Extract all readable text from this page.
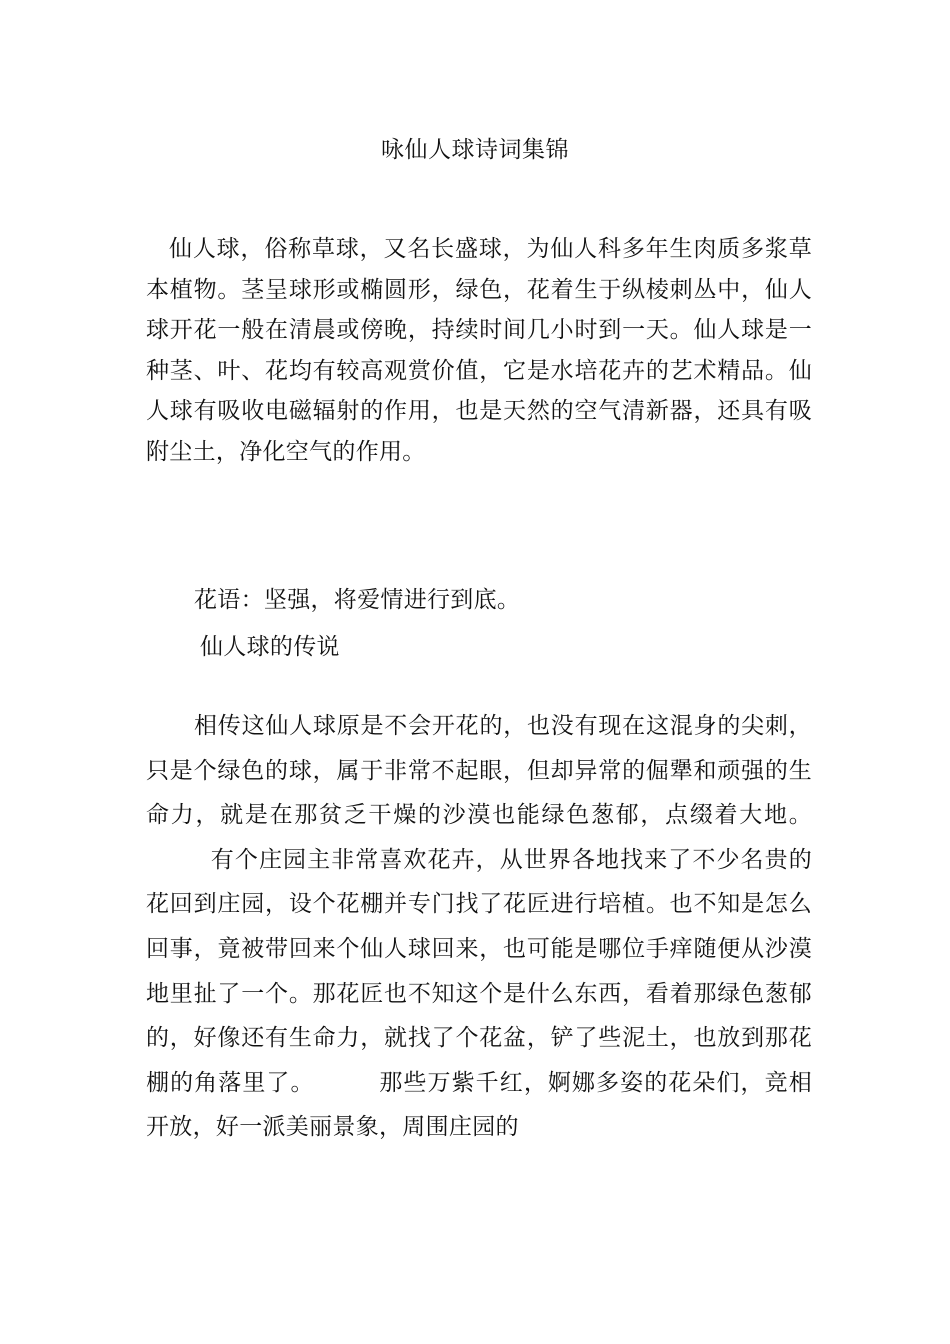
咏仙人球诗词集锦

仙人球，俗称草球，又名长盛球，为仙人科多年生肉质多浆草本植物。茎呈球形或椭圆形，绿色，花着生于纵棱刺丛中，仙人球开花一般在清晨或傍晚，持续时间几小时到一天。仙人球是一种茎、叶、花均有较高观赏价值，它是水培花卉的艺术精品。仙人球有吸收电磁辐射的作用，也是天然的空气清新器，还具有吸附尘土，净化空气的作用。

花语：坚强，将爱情进行到底。

仙人球的传说

相传这仙人球原是不会开花的，也没有现在这混身的尖刺，只是个绿色的球，属于非常不起眼，但却异常的倔犟和顽强的生命力，就是在那贫乏干燥的沙漠也能绿色葱郁，点缀着大地。有个庄园主非常喜欢花卉，从世界各地找来了不少名贵的花回到庄园，设个花棚并专门找了花匠进行培植。也不知是怎么回事，竟被带回来个仙人球回来，也可能是哪位手痒随便从沙漠地里扯了一个。那花匠也不知这个是什么东西，看着那绿色葱郁的，好像还有生命力，就找了个花盆，铲了些泥土，也放到那花棚的角落里了。	那些万紫千红，婀娜多姿的花朵们，竞相开放，好一派美丽景象，周围庄园的
